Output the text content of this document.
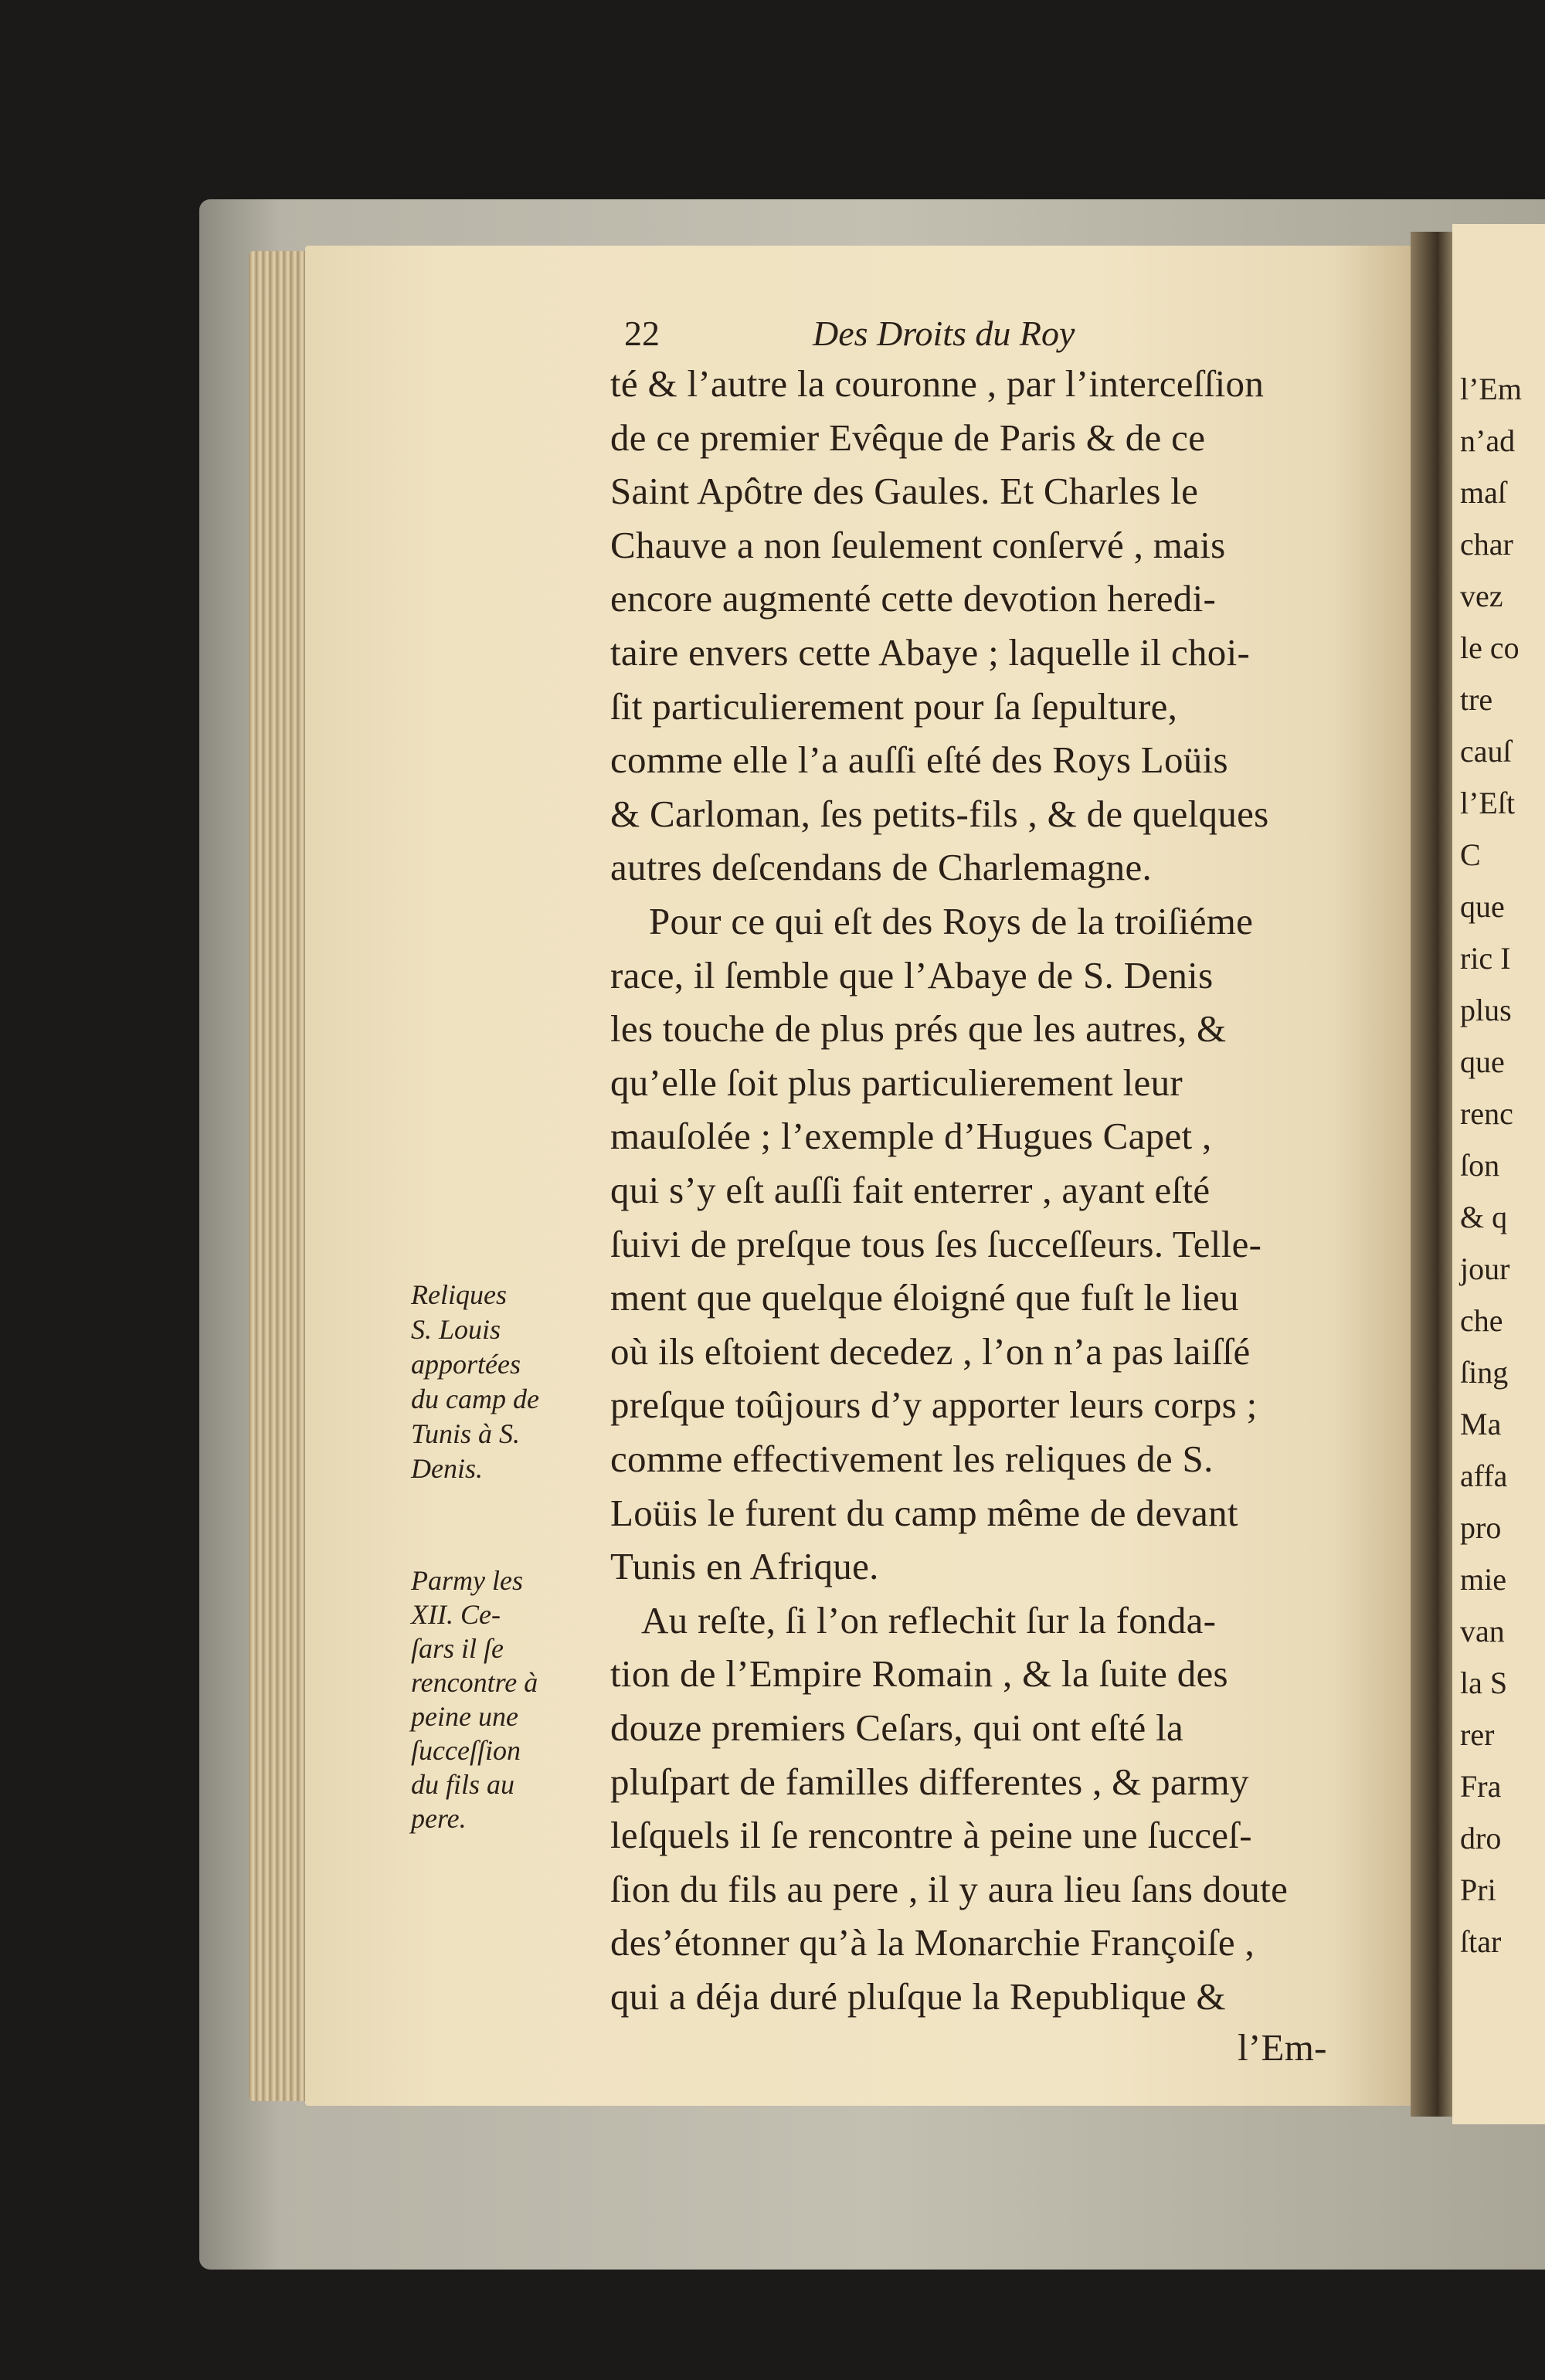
l’Em
n’ad
maſ
char
vez
le co
tre
cauſ
l’Eſt
C
que
ric I
plus
que
renc
ſon
& q
jour
che
ſing
Ma
affa
pro
mie
van
la S
rer
Fra
dro
Pri
ſtar
22	Des Droits du Roy
té & l’autre la couronne , par l’interceſſion
de ce premier Evêque de Paris & de ce
Saint Apôtre des Gaules. Et Charles le
Chauve a non ſeulement conſervé , mais
encore augmenté cette devotion heredi-
taire envers cette Abaye ; laquelle il choi-
ſit particulierement pour ſa ſepulture,
comme elle l’a auſſi eſté des Roys Loüis
& Carloman, ſes petits-fils , & de quelques
autres deſcendans de Charlemagne.
Pour ce qui eſt des Roys de la troiſiéme
race, il ſemble que l’Abaye de S. Denis
les touche de plus prés que les autres, &
qu’elle ſoit plus particulierement leur
mauſolée ; l’exemple d’Hugues Capet ,
qui s’y eſt auſſi fait enterrer , ayant eſté
ſuivi de preſque tous ſes ſucceſſeurs. Telle-
ment que quelque éloigné que fuſt le lieu
où ils eſtoient decedez , l’on n’a pas laiſſé
preſque toûjours d’y apporter leurs corps ;
comme effectivement les reliques de S.
Loüis le furent du camp même de devant
Tunis en Afrique.
Au reſte, ſi l’on reflechit ſur la fonda-
tion de l’Empire Romain , & la ſuite des
douze premiers Ceſars, qui ont eſté la
pluſpart de familles differentes , & parmy
leſquels il ſe rencontre à peine une ſucceſ-
ſion du fils au pere , il y aura lieu ſans doute
des’étonner qu’à la Monarchie Françoiſe ,
qui a déja duré pluſque la Republique &
l’Em-
Reliques
S. Louis
apportées
du camp de
Tunis à S.
Denis.
Parmy les
XII. Ce-
ſars il ſe
rencontre à
peine une
ſucceſſion
du fils au
pere.
